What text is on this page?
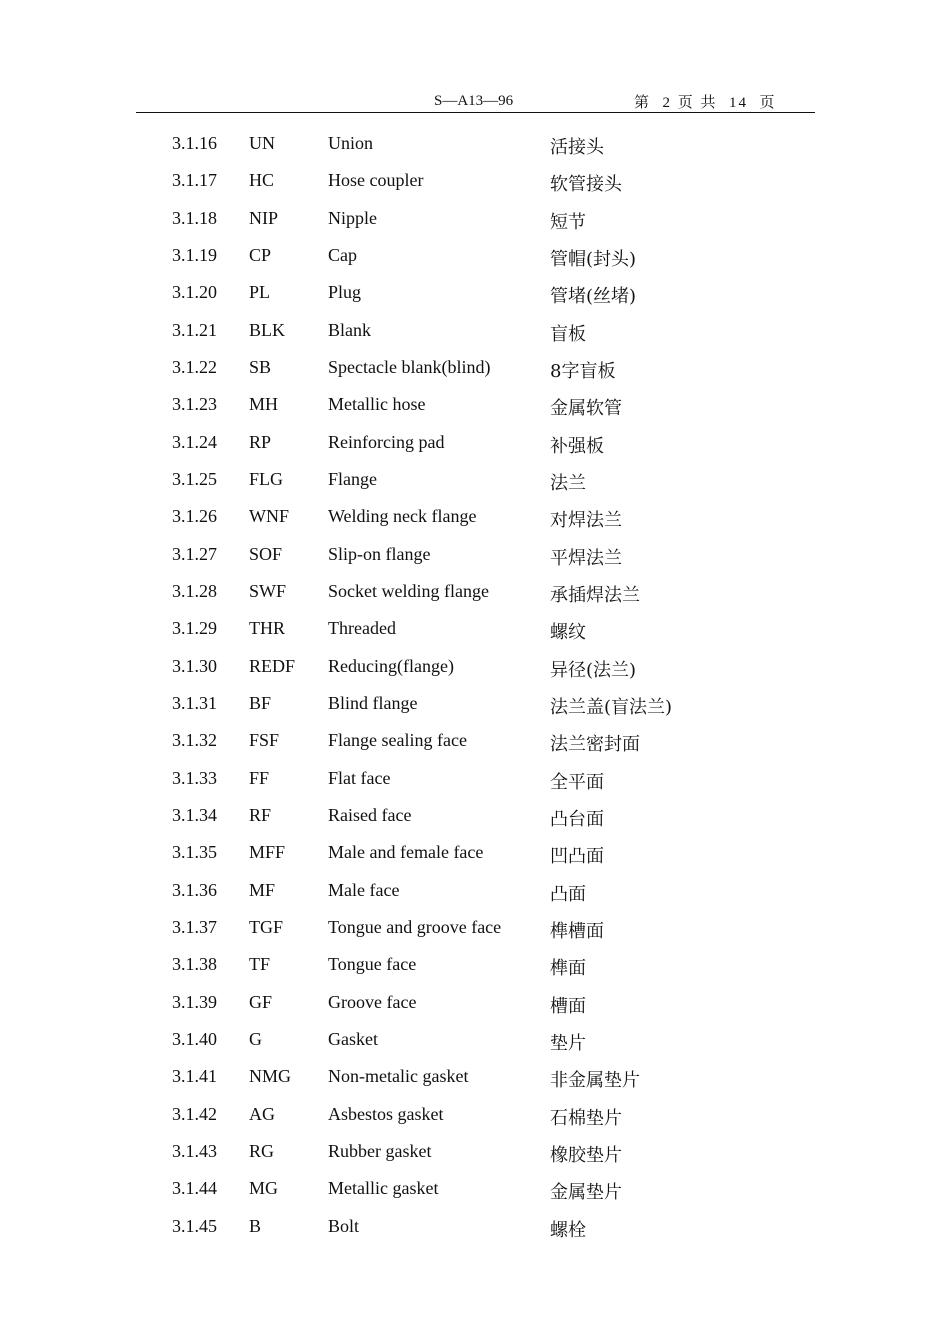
S—A13—96	第  2 页 共  14  页
3.1.16 UN	Union	活接头
3.1.17 HC	Hose coupler	软管接头
3.1.18 NIP	Nipple	短节
3.1.19 CP	Cap	管帽(封头)
3.1.20 PL	Plug	管堵(丝堵)
3.1.21 BLK Blank	盲板
3.1.22 SB	Spectacle blank(blind)	8字盲板
3.1.23 MH	Metallic hose	金属软管
3.1.24 RP	Reinforcing pad	补强板
3.1.25 FLG Flange	法兰
3.1.26 WNF Welding neck flange	对焊法兰
3.1.27 SOF	Slip-on flange	平焊法兰
3.1.28 SWF Socket welding flange	承插焊法兰
3.1.29 THR Threaded	螺纹
3.1.30 REDF Reducing(flange)	异径(法兰)
3.1.31 BF	Blind flange	法兰盖(盲法兰)
3.1.32 FSF	Flange sealing face	法兰密封面
3.1.33 FF	Flat face	全平面
3.1.34 RF	Raised face	凸台面
3.1.35 MFF Male and female face	凹凸面
3.1.36 MF	Male face	凸面
3.1.37 TGF Tongue and groove face	榫槽面
3.1.38 TF	Tongue face	榫面
3.1.39 GF	Groove face	槽面
3.1.40 G	Gasket	垫片
3.1.41 NMG Non-metalic gasket	非金属垫片
3.1.42 AG	Asbestos gasket	石棉垫片
3.1.43 RG	Rubber gasket	橡胶垫片
3.1.44 MG	Metallic gasket	金属垫片
3.1.45 B	Bolt	螺栓
